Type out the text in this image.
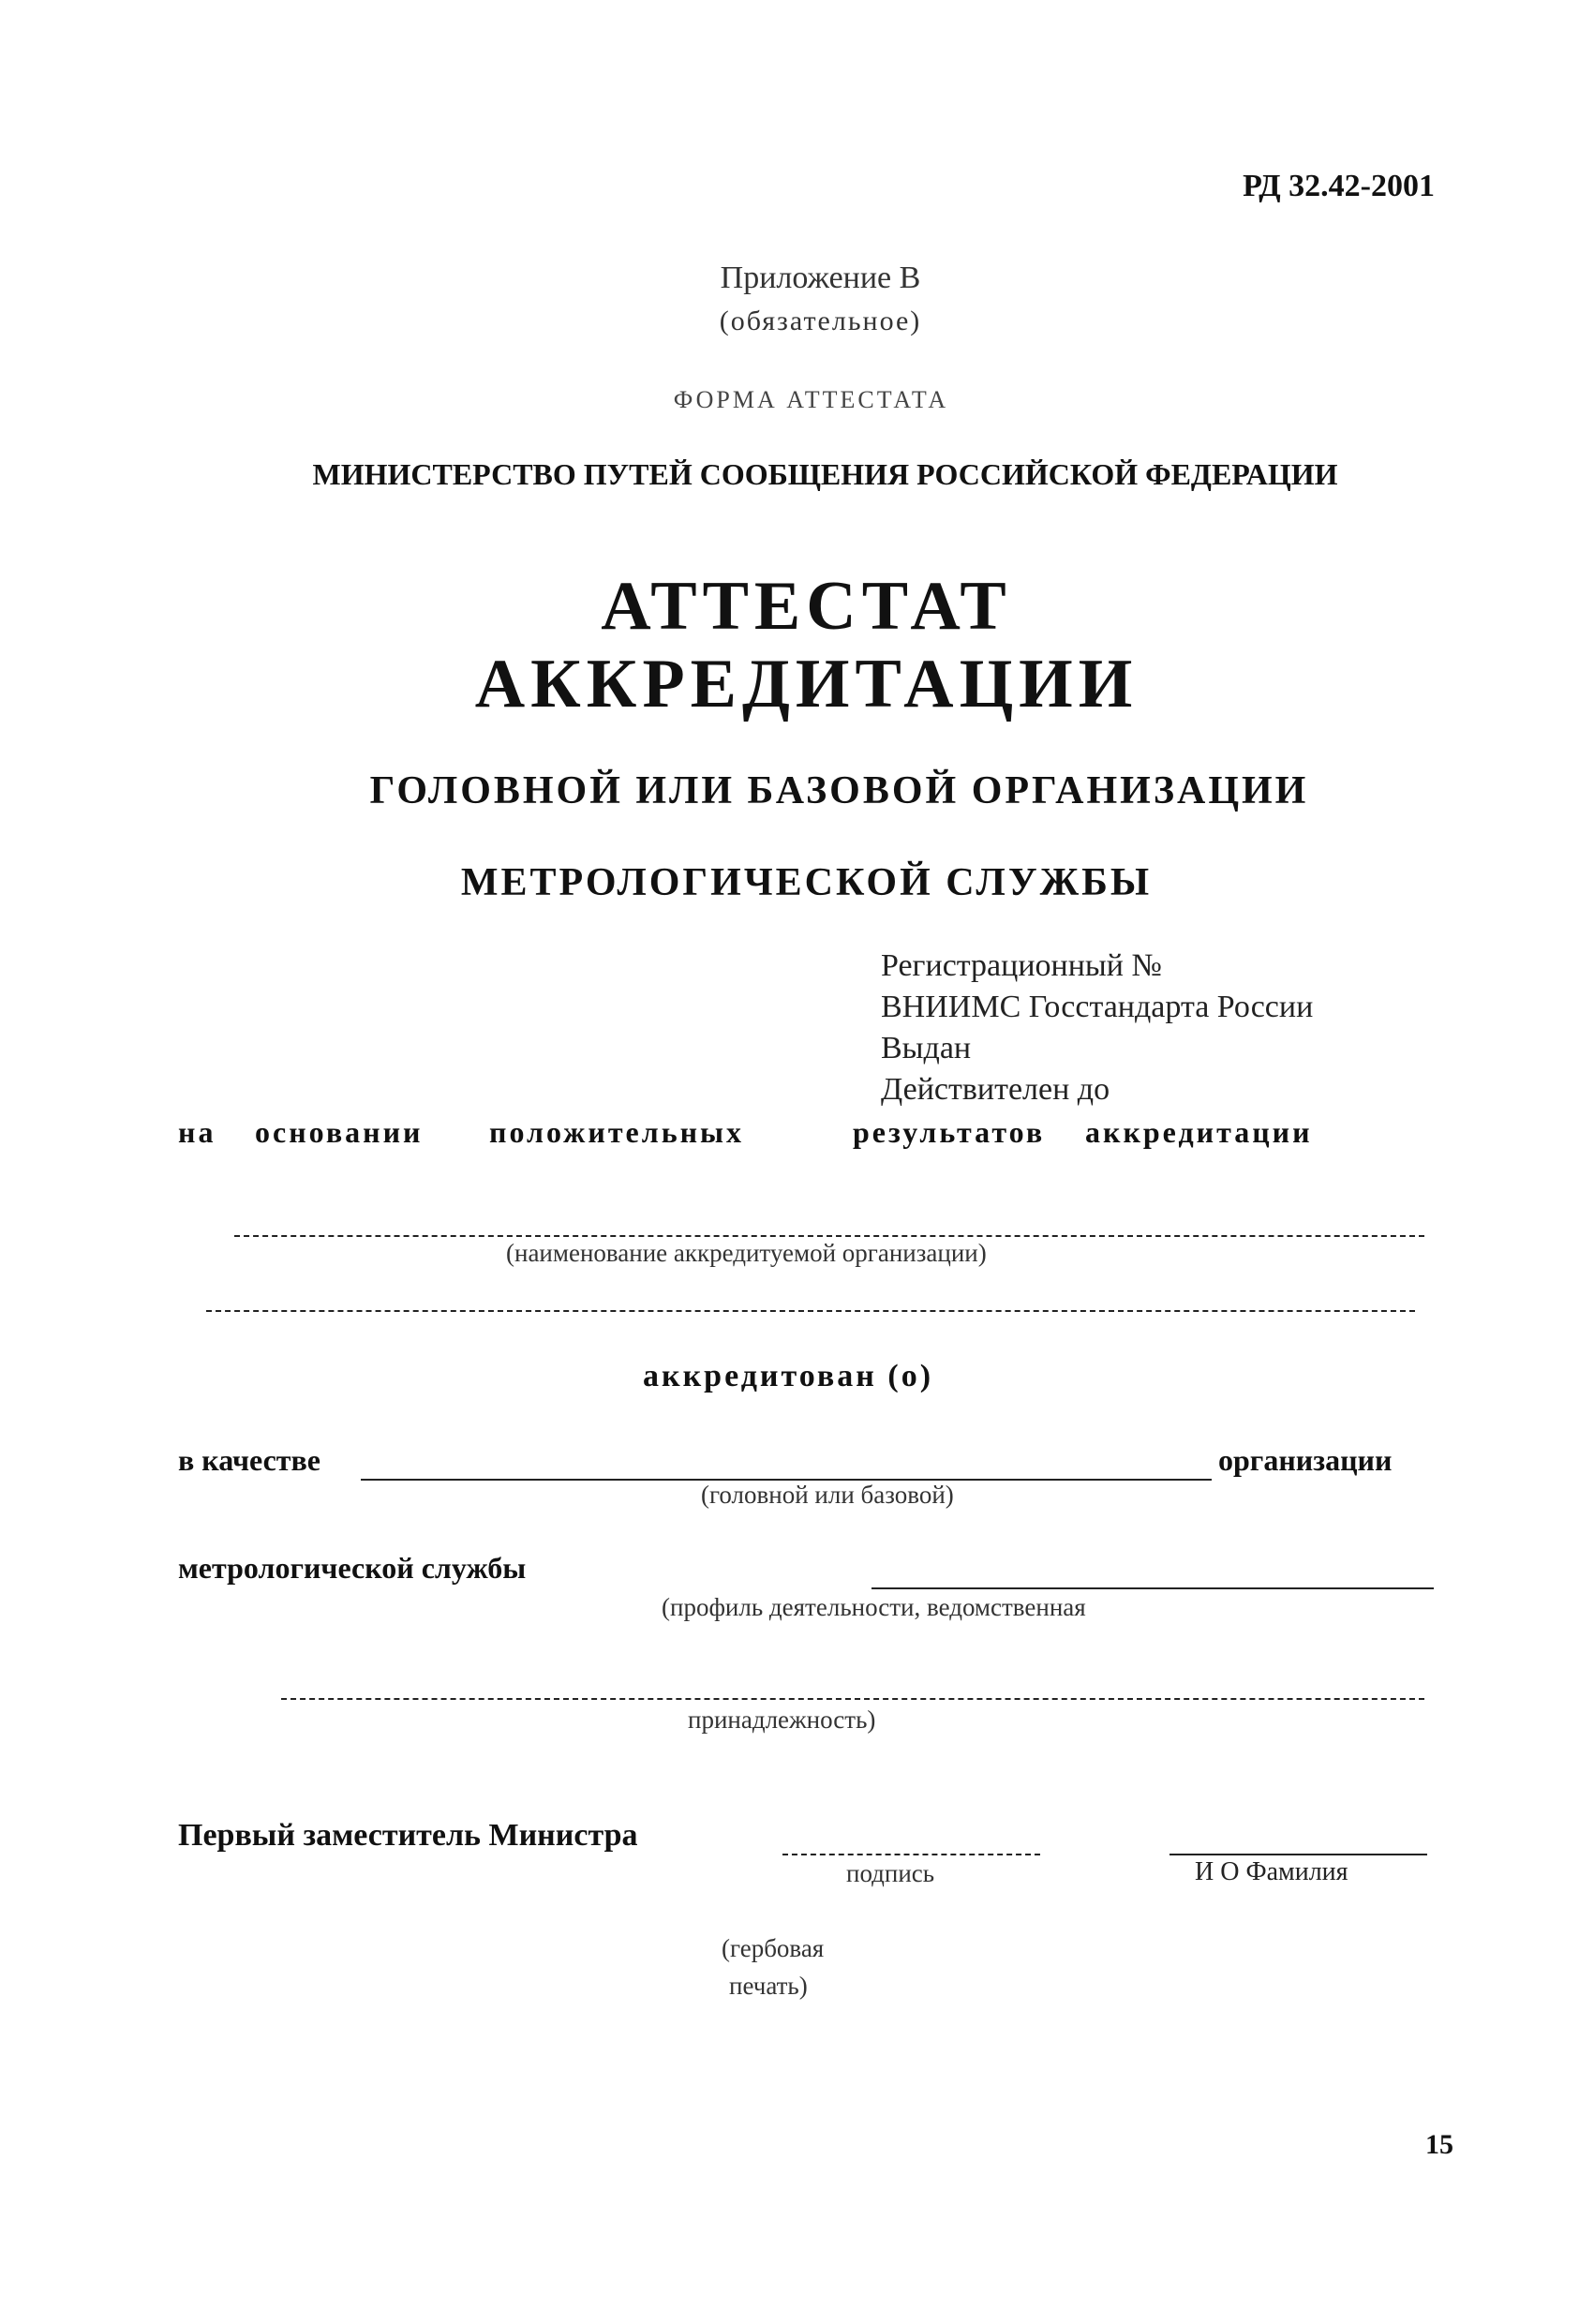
РД 32.42-2001
Приложение В
(обязательное)
ФОРМА АТТЕСТАТА
МИНИСТЕРСТВО ПУТЕЙ СООБЩЕНИЯ РОССИЙСКОЙ ФЕДЕРАЦИИ
АТТЕСТАТ
АККРЕДИТАЦИИ
ГОЛОВНОЙ ИЛИ БАЗОВОЙ ОРГАНИЗАЦИИ
МЕТРОЛОГИЧЕСКОЙ СЛУЖБЫ
Регистрационный №
ВНИИМС Госстандарта России
Выдан
Действителен до
на основании положительных	результатов аккредитации
(наименование аккредитуемой организации)
аккредитован (о)
в качестве	организации
(головной или базовой)
метрологической службы
(профиль деятельности, ведомственная
принадлежность)
Первый заместитель Министра
подпись	И О Фамилия
(гербовая
печать)
15
